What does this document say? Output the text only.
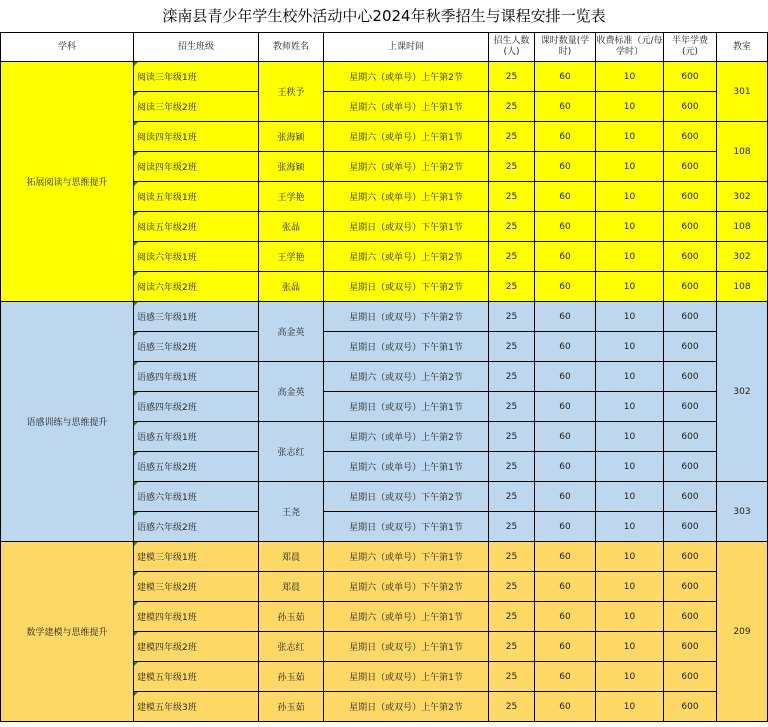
滦南县青少年学生校外活动中心2024年秋季招生与课程安排一览表
学科	招生班级	教师姓名	上课时间	招生人数(人)	课时数量(学时)	收费标准（元/每学时）	半年学费(元)	教室
拓展阅读与思维提升	阅读三年级1班	王秩予	星期六（或单号）上午第2节	25	60	10	600	301
	阅读三年级2班		星期六（或单号）上午第1节	25	60	10	600	
	阅读四年级1班	张海颖	星期六（或单号）上午第1节	25	60	10	600	108
	阅读四年级2班	张海颖	星期六（或单号）上午第2节	25	60	10	600	
	阅读五年级1班	王学艳	星期六（或单号）上午第1节	25	60	10	600	302
	阅读五年级2班	张晶	星期日（或双号）下午第1节	25	60	10	600	108
	阅读六年级1班	王学艳	星期六（或单号）上午第2节	25	60	10	600	302
	阅读六年级2班	张晶	星期日（或双号）下午第2节	25	60	10	600	108
语感训练与思维提升	语感三年级1班	高金英	星期日（或双号）下午第2节	25	60	10	600	302
	语感三年级2班		星期日（或双号）下午第1节	25	60	10	600	
	语感四年级1班	高金英	星期六（或双号）上午第2节	25	60	10	600	
	语感四年级2班		星期日（或双号）上午第1节	25	60	10	600	
	语感五年级1班	张志红	星期六（或单号）上午第2节	25	60	10	600	
	语感五年级2班		星期六（或单号）上午第1节	25	60	10	600	
	语感六年级1班	王尧	星期日（或双号）下午第2节	25	60	10	600	303
	语感六年级2班		星期日（或双号）下午第1节	25	60	10	600	
数学建模与思维提升	建模三年级1班	郑晨	星期六（或单号）下午第1节	25	60	10	600	209
	建模三年级2班	郑晨	星期六（或单号）下午第2节	25	60	10	600	
	建模四年级1班	孙玉茹	星期六（或单号）上午第1节	25	60	10	600	
	建模四年级2班	张志红	星期日（或双号）上午第1节	25	60	10	600	
	建模五年级1班	孙玉茹	星期日（或双号）上午第1节	25	60	10	600	
	建模五年级3班	孙玉茹	星期日（或双号）上午第2节	25	60	10	600	
